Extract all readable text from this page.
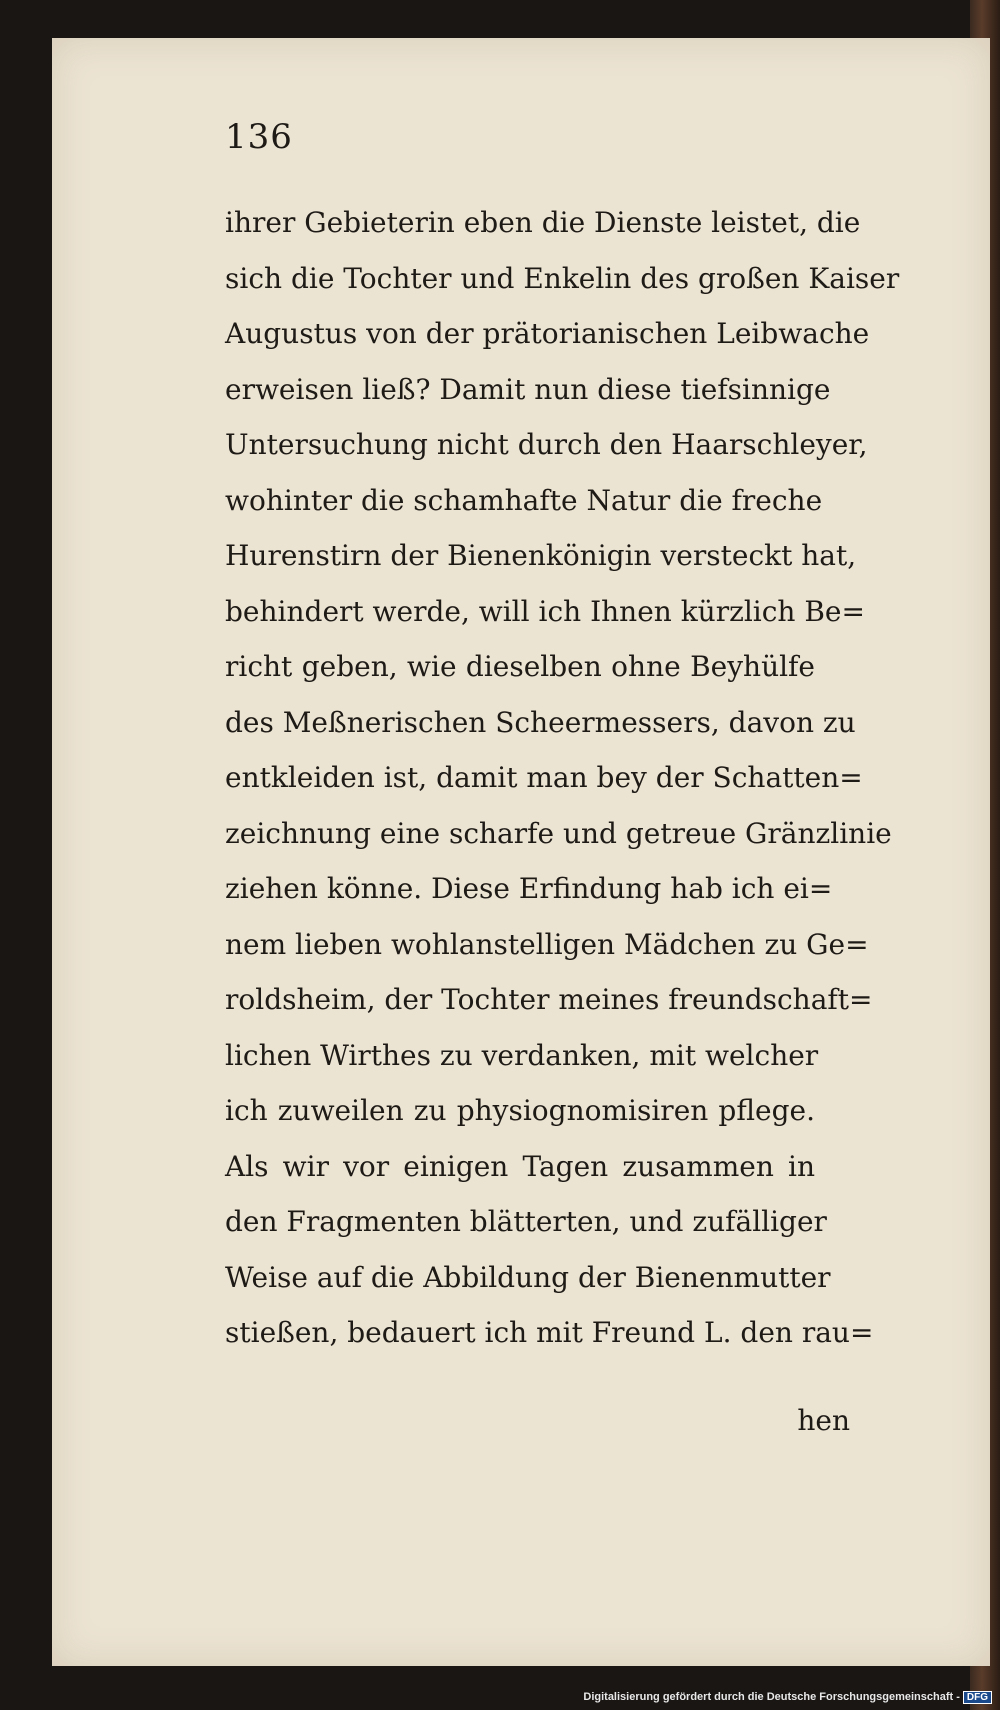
136
ihrer Gebieterin eben die Dienste leistet, die
sich die Tochter und Enkelin des großen Kaiser
Augustus von der prätorianischen Leibwache
erweisen ließ? Damit nun diese tiefsinnige
Untersuchung nicht durch den Haarschleyer,
wohinter die schamhafte Natur die freche
Hurenstirn der Bienenkönigin versteckt hat,
behindert werde, will ich Ihnen kürzlich Be=
richt geben, wie dieselben ohne Beyhülfe
des Meßnerischen Scheermessers, davon zu
entkleiden ist, damit man bey der Schatten=
zeichnung eine scharfe und getreue Gränzlinie
ziehen könne. Diese Erfindung hab ich ei=
nem lieben wohlanstelligen Mädchen zu Ge=
roldsheim, der Tochter meines freundschaft=
lichen Wirthes zu verdanken, mit welcher
ich zuweilen zu physiognomisiren pflege.
Als wir vor einigen Tagen zusammen in
den Fragmenten blätterten, und zufälliger
Weise auf die Abbildung der Bienenmutter
stießen, bedauert ich mit Freund L. den rau=
hen
Digitalisierung gefördert durch die Deutsche Forschungsgemeinschaft - DFG
